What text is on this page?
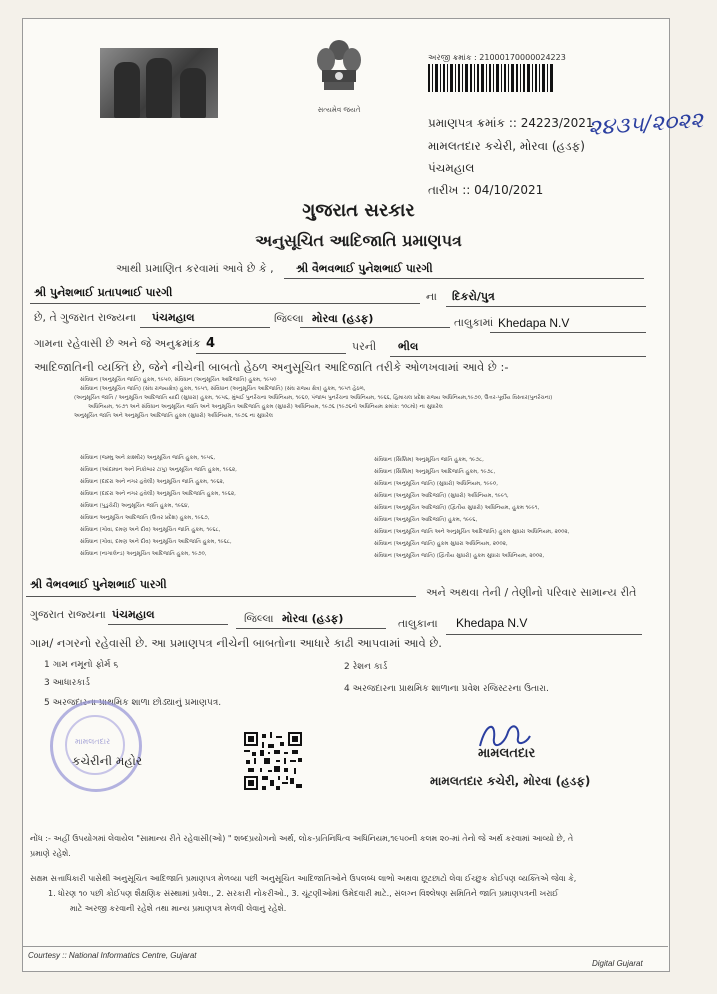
સત્યમેવ જયતે
અરજી ક્રમાંક : 21000170000024223
પ્રમાણપત્ર ક્રમાંક :: 24223/2021
૨૪૩૫/૨૦૨૨
મામલતદાર કચેરી, મોરવા (હડફ)
પંચમહાલ
તારીખ :: 04/10/2021
ગુજરાત સરકાર
અનુસૂચિત આદિજાતિ પ્રમાણપત્ર
આથી પ્રમાણિત કરવામાં આવે છે કે , શ્રી વૈભવભાઈ પુનેશભાઈ પારગી
શ્રી પુનેશભાઈ પ્રતાપભાઈ પારગી	ના દિકરો/પુત્ર
છે, તે ગુજરાત રાજ્યના પંચમહાલ	જિલ્લા મોરવા (હડફ)	તાલુકામાં Khedapa N.V
ગામના રહેવાસી છે અને જે અનુક્રમાંક 4	પરની ભીલ
આદિજાતિની વ્યક્તિ છે, જેને નીચેની બાબતો હેઠળ અનુસૂચિત આદિજાતિ તરીકે ઓળખવામાં આવે છે :-
સંવિધાન (અનુસૂચિત જાતિ) હુકમ, ૧૯૫૦, સંવિધાન (અનુસૂચિત આદિજાતિ) હુકમ, ૧૯૫૦
સંવિધાન (અનુસૂચિત જાતિ) (સંઘ રાજ્યક્ષેત્ર) હુકમ, ૧૯૫૧, સંવિધાન (અનુસૂચિત આદિજાતિ) (સંઘ રાજ્ય ક્ષેત્ર) હુકમ, ૧૯૫૧ હેઠળ,
(અનુસૂચિત જાતિ / અનુસૂચિત આદિજાતિ યાદી (સુધારા) હુકમ, ૧૯૫૬, મુંબઈ પુનર્રચના અધિનિયમ, ૧૯૬૦, પંજાબ પુનર્રચના અધિનિયમ, ૧૯૬૬, હિમાચલ પ્રદેશ રાજ્ય અધિનિયમ,૧૯૭૦, ઉત્તર-પૂર્વીય વિસ્તાર(પુનર્રચના)
અધિનિયમ, ૧૯૭૧ અને સંવિધાન અનુસૂચિત જાતિ અને અનુસૂચિત આદિજાતિ હુકમ (સુધારો) અધિનિયમ, ૧૯૭૬ (૧૯૭૬નો અધિનિયમ ક્રમાંક: ૧૦૮મો) ના સુધારેલ
અનુસૂચિત જાતિ અને અનુસૂચિત આદિજાતિ હુકમ (સુધારો) અધિનિયમ, ૧૯૭૬ ના સુધારેલ
સંવિધાન (જમ્મુ અને કાશ્મીર) અનુસૂચિત જાતિ હુકમ, ૧૯૫૬,
સંવિધાન (આંદામાન અને નિકોબાર ટાપુ) અનુસૂચિત જાતિ હુકમ, ૧૯૬૨,
સંવિધાન (દાદરા અને નગર હવેલી) અનુસૂચિત જાતિ હુકમ, ૧૯૬૨,
સંવિધાન (દાદરા અને નગર હવેલી) અનુસૂચિત આદિજાતિ હુકમ, ૧૯૬૨,
સંવિધાન (પુડુચેરી) અનુસૂચિત જાતિ હુકમ, ૧૯૬૪,
સંવિધાન અનુસૂચિત આદિજાતિ (ઉત્તર પ્રદેશ) હુકમ, ૧૯૬૭,
સંવિધાન (ગોવા, દમણ અને દીવ) અનુસૂચિત જાતિ હુકમ, ૧૯૬૮,
સંવિધાન (ગોવા, દમણ અને દીવ) અનુસૂચિત આદિજાતિ હુકમ, ૧૯૬૮,
સંવિધાન (નાગાલેન્ડ) અનુસૂચિત આદિજાતિ હુકમ, ૧૯૭૦,
સંવિધાન (સિક્કિમ) અનુસૂચિત જાતિ હુકમ, ૧૯૭૮,
સંવિધાન (સિક્કિમ) અનુસૂચિત આદિજાતિ હુકમ, ૧૯૭૮,
સંવિધાન (અનુસૂચિત જાતિ) (સુધારો) અધિનિયમ, ૧૯૯૦,
સંવિધાન (અનુસૂચિત આદિજાતિ) (સુધારો) અધિનિયમ, ૧૯૯૧,
સંવિધાન (અનુસૂચિત આદિજાતિ) (દ્વિતીય સુધારો) અધિનિયમ, હુકમ ૧૯૯૧,
સંવિધાન (અનુસૂચિત આદિજાતિ) હુકમ, ૧૯૯૬,
સંવિધાન (અનુસૂચિત જાતિ અને અનુસૂચિત આદિજાતિ) હુકમ સુધારા અધિનિયમ, ૨૦૦૨,
સંવિધાન (અનુસૂચિત જાતિ) હુકમ સુધારા અધિનિયમ, ૨૦૦૨,
સંવિધાન (અનુસૂચિત જાતિ) (દ્વિતીય સુધારો) હુકમ સુધારા અધિનિયમ, ૨૦૦૨,
શ્રી વૈભવભાઈ પુનેશભાઈ પારગી
અને અથવા તેની / તેણીનો પરિવાર સામાન્ય રીતે
ગુજરાત રાજ્યના પંચમહાલ	જિલ્લા મોરવા (હડફ)	તાલુકાના Khedapa N.V
ગામ/ નગરનો રહેવાસી છે. આ પ્રમાણપત્ર નીચેની બાબતોના આધારે કાઢી આપવામાં આવે છે.
1 ગામ નમૂનો ફોર્મ ૬	2 રેશન કાર્ડ
3 આધારકાર્ડ
4 અરજદારના પ્રાથમિક શાળાના પ્રવેશ રજિસ્ટરના ઉતારા.
5 અરજદારના પ્રાથમિક શાળા છોડ્યાનું પ્રમાણપત્ર.
મામલતદાર
કચેરીની મહોર	મામલતદાર
મામલતદાર કચેરી, મોરવા (હડફ)
નોંધ :- અહીં ઉપયોગમાં લેવાયેલ "સામાન્ય રીતે રહેવાસી(ઓ) " શબ્દપ્રયોગનો અર્થ, લોક-પ્રતિનિધિત્વ અધિનિયમ,૧૯૫૦ની કલમ ૨૦-માં તેનો જે અર્થ કરવામાં આવ્યો છે, તે
પ્રમાણે રહેશે.
સક્ષમ સત્તાધિકારી પાસેથી અનુસૂચિત આદિજાતિ પ્રમાણપત્ર મેળવ્યા પછી અનુસૂચિત આદિજાતિઓને ઉપલબ્ધ લાભો અથવા છૂટછાટો લેવા ઈચ્છુક કોઈપણ વ્યક્તિએ જેવા કે,
1. ધોરણ ૧૦ પછી કોઈપણ શૈક્ષણિક સંસ્થામાં પ્રવેશ., 2. સરકારી નોકરીઓ., 3. ચૂંટણીઓમાં ઉમેદવારી માટે., સંલગ્ન વિશ્લેષણ સમિતિને જાતિ પ્રમાણપત્રની ખરાઈ
માટે અરજી કરવાની રહેશે તથા માન્ય પ્રમાણપત્ર મેળવી લેવાનું રહેશે.
Courtesy :: National Informatics Centre, Gujarat
Digital Gujarat
